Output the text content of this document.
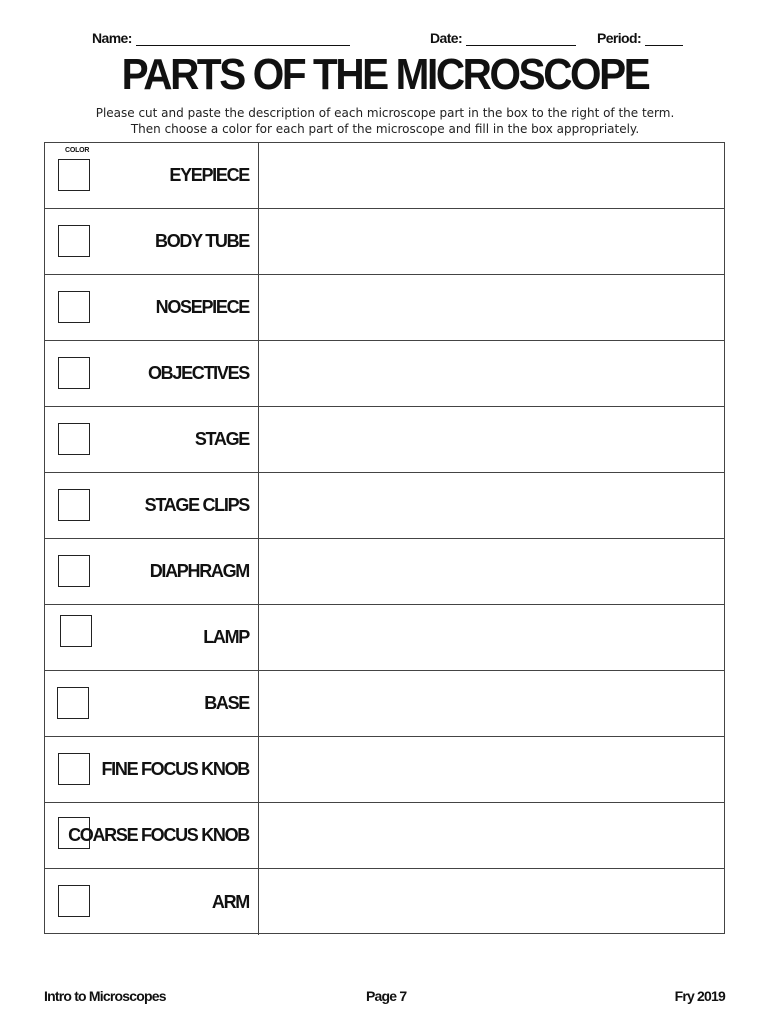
Name:	Date:	Period:
PARTS OF THE MICROSCOPE
Please cut and paste the description of each microscope part in the box to the right of the term.
Then choose a color for each part of the microscope and fill in the box appropriately.
COLOR
EYEPIECE
BODY TUBE
NOSEPIECE
OBJECTIVES
STAGE
STAGE CLIPS
DIAPHRAGM
LAMP
BASE
FINE FOCUS KNOB
COARSE FOCUS KNOB
ARM
Intro to Microscopes	Page 7	Fry 2019
